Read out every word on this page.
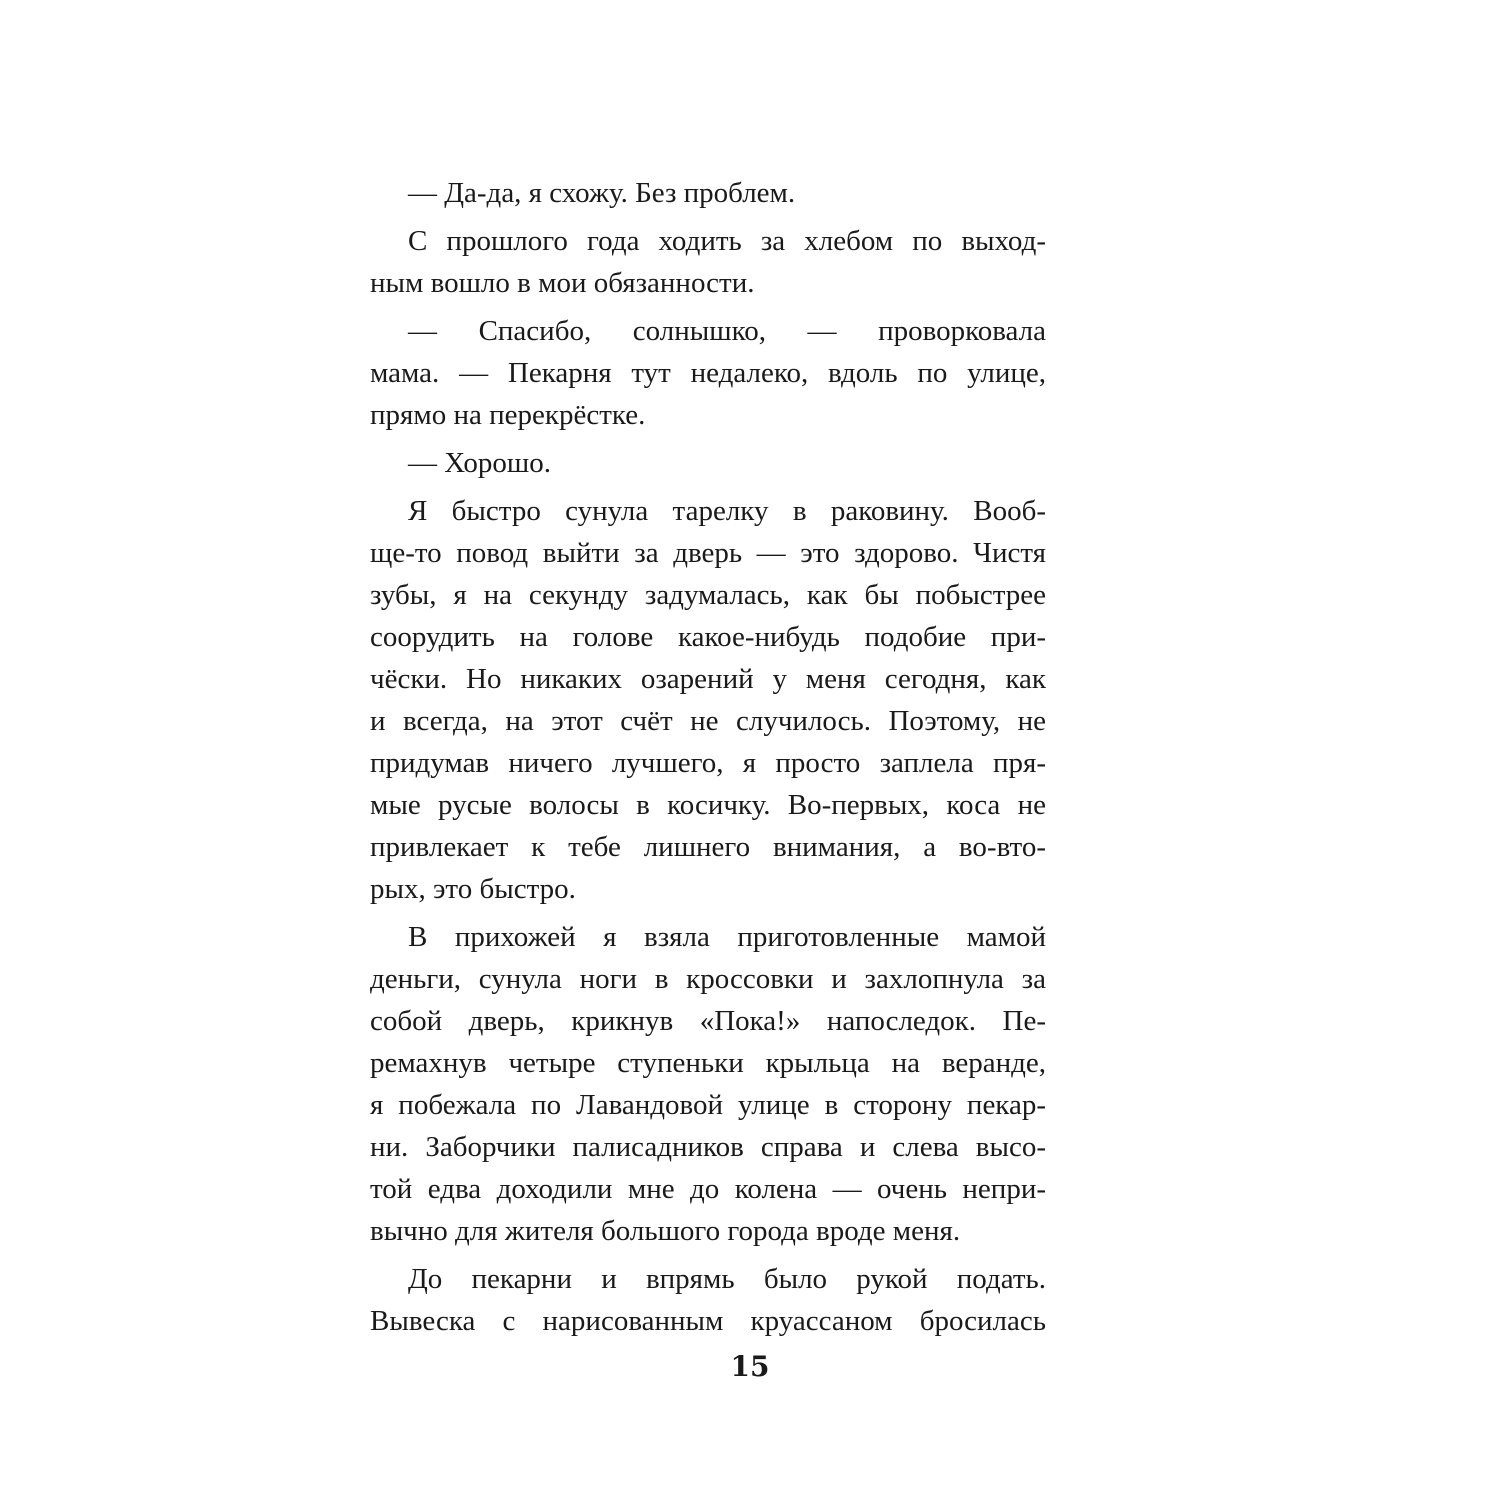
— Да-да, я схожу. Без проблем.
С прошлого года ходить за хлебом по выход-
ным вошло в мои обязанности.
— Спасибо, солнышко, — проворковала
мама. — Пекарня тут недалеко, вдоль по улице,
прямо на перекрёстке.
— Хорошо.
Я быстро сунула тарелку в раковину. Вооб-
ще-то повод выйти за дверь — это здорово. Чистя
зубы, я на секунду задумалась, как бы побыстрее
соорудить на голове какое-нибудь подобие при-
чёски. Но никаких озарений у меня сегодня, как
и всегда, на этот счёт не случилось. Поэтому, не
придумав ничего лучшего, я просто заплела пря-
мые русые волосы в косичку. Во-первых, коса не
привлекает к тебе лишнего внимания, а во-вто-
рых, это быстро.
В прихожей я взяла приготовленные мамой
деньги, сунула ноги в кроссовки и захлопнула за
собой дверь, крикнув «Пока!» напоследок. Пе-
ремахнув четыре ступеньки крыльца на веранде,
я побежала по Лавандовой улице в сторону пекар-
ни. Заборчики палисадников справа и слева высо-
той едва доходили мне до колена — очень непри-
вычно для жителя большого города вроде меня.
До пекарни и впрямь было рукой подать.
Вывеска с нарисованным круассаном бросилась
15
